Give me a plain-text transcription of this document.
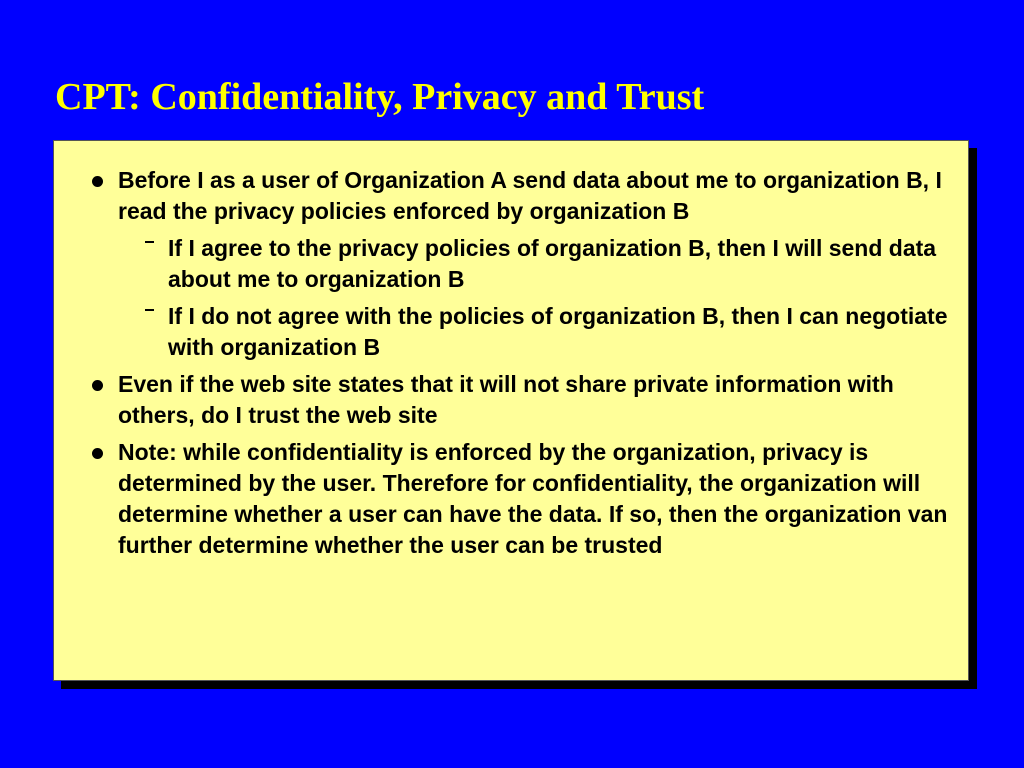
CPT: Confidentiality, Privacy and Trust
Before I as a user of Organization A send data about me to organization B, I read the privacy policies enforced by organization B
If I agree to the privacy policies of organization B, then I will send data about me to organization B
If I do not agree with the policies of organization B, then I can negotiate with organization B
Even if the web site states that it will not share private information with others, do I trust the web site
Note: while confidentiality is enforced by the organization, privacy is determined by the user. Therefore for confidentiality, the organization will determine whether a user can have the data. If so, then the organization van further determine whether the user can be trusted
